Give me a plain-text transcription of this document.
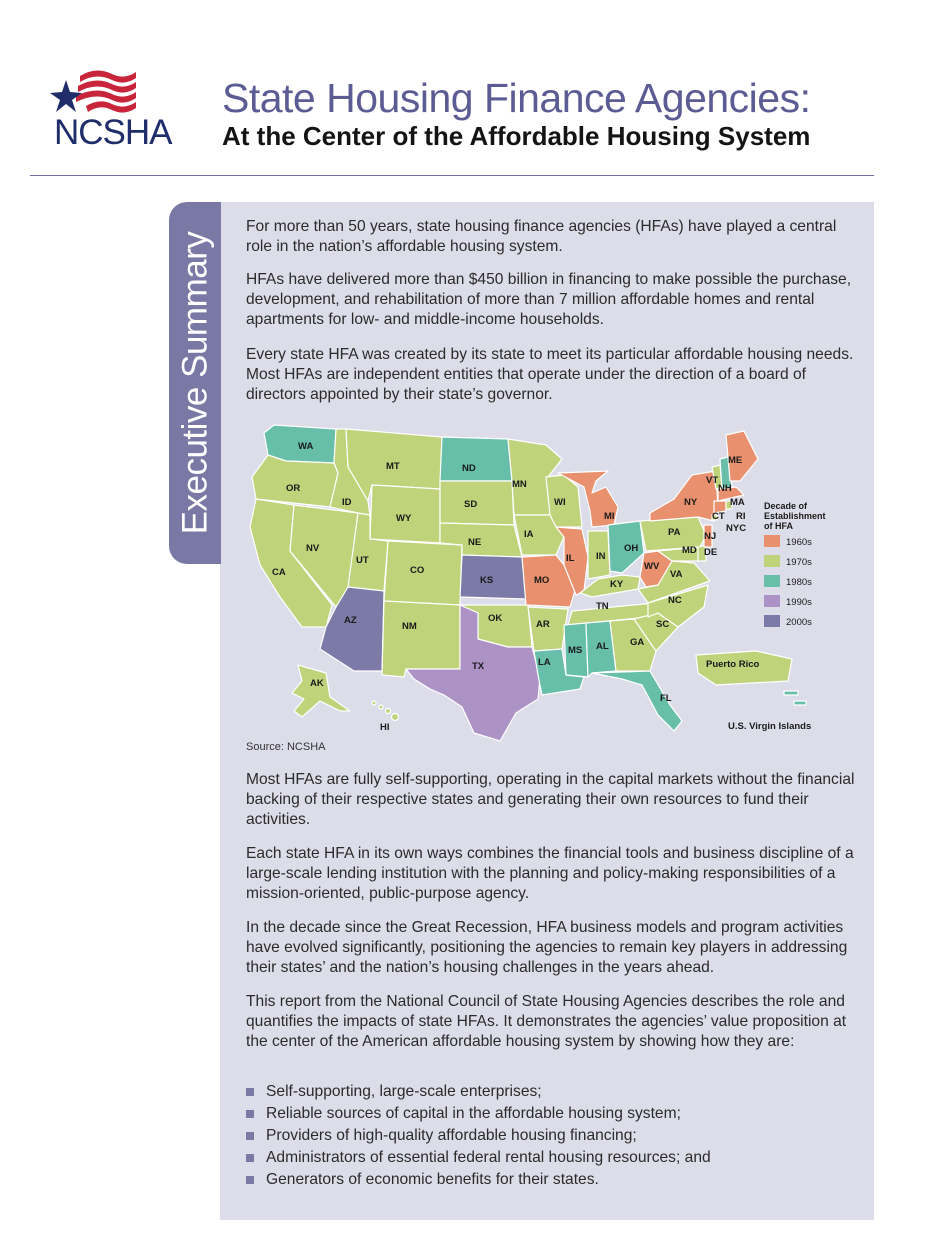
NCSHA
State Housing Finance Agencies:
At the Center of the Affordable Housing System
Executive Summary

For more than 50 years, state housing finance agencies (HFAs) have played a central role in the nation’s affordable housing system.

HFAs have delivered more than $450 billion in financing to make possible the purchase, development, and rehabilitation of more than 7 million affordable homes and rental apartments for low- and middle-income households.

Every state HFA was created by its state to meet its particular affordable housing needs. Most HFAs are independent entities that operate under the direction of a board of directors appointed by their state’s governor.

WA
OR
CA
NV
ID
MT
WY
UT
CO
AZ
NM
ND
SD
NE
KS
OK
TX
MN
IA
MO
AR
LA
WI
IL
MI
IN
OH
KY
TN
MS AL GA
FL
SC
NC
VA
WV
PA
MD DE
NJ
NY
VT
NH
ME
MA
CT RI
NYC
AK
HI
Puerto Rico
U.S. Virgin Islands
Decade of
Establishment
of HFA
1960s
1970s
1980s
1990s
2000s

Source: NCSHA

Most HFAs are fully self-supporting, operating in the capital markets without the financial backing of their respective states and generating their own resources to fund their activities.

Each state HFA in its own ways combines the financial tools and business discipline of a large-scale lending institution with the planning and policy-making responsibilities of a mission-oriented, public-purpose agency.

In the decade since the Great Recession, HFA business models and program activities have evolved significantly, positioning the agencies to remain key players in addressing their states’ and the nation’s housing challenges in the years ahead.

This report from the National Council of State Housing Agencies describes the role and quantifies the impacts of state HFAs. It demonstrates the agencies’ value proposition at the center of the American affordable housing system by showing how they are:

Self-supporting, large-scale enterprises;
Reliable sources of capital in the affordable housing system;
Providers of high-quality affordable housing financing;
Administrators of essential federal rental housing resources; and
Generators of economic benefits for their states.
